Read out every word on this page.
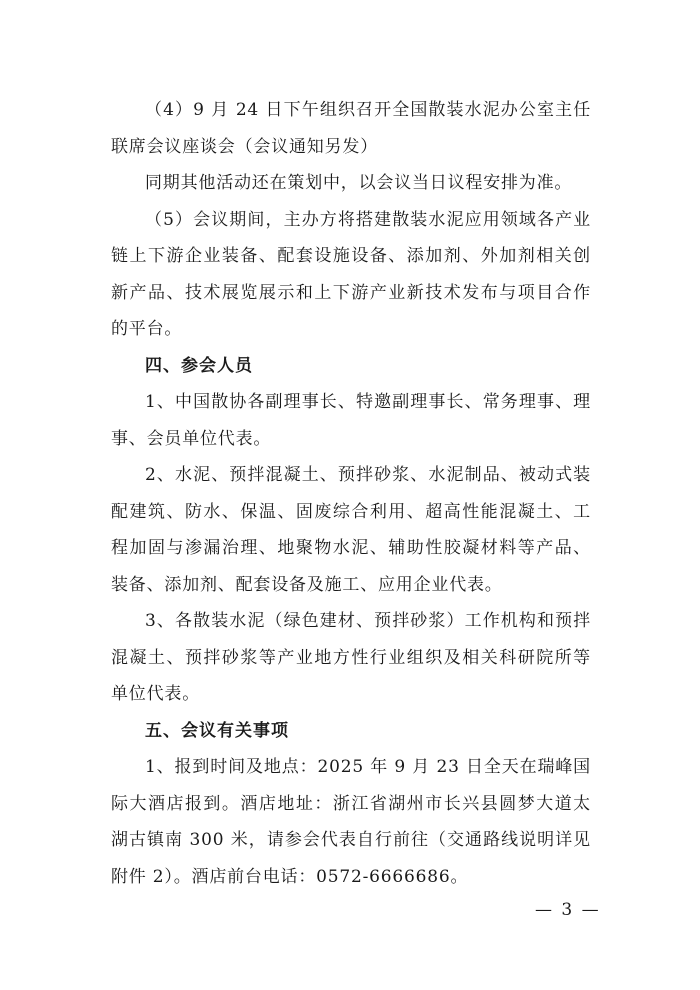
（4）9 月 24 日下午组织召开全国散装水泥办公室主任联席会议座谈会（会议通知另发）

同期其他活动还在策划中，以会议当日议程安排为准。

（5）会议期间，主办方将搭建散装水泥应用领域各产业链上下游企业装备、配套设施设备、添加剂、外加剂相关创新产品、技术展览展示和上下游产业新技术发布与项目合作的平台。

四、参会人员

1、中国散协各副理事长、特邀副理事长、常务理事、理事、会员单位代表。

2、水泥、预拌混凝土、预拌砂浆、水泥制品、被动式装配建筑、防水、保温、固废综合利用、超高性能混凝土、工程加固与渗漏治理、地聚物水泥、辅助性胶凝材料等产品、装备、添加剂、配套设备及施工、应用企业代表。

3、各散装水泥（绿色建材、预拌砂浆）工作机构和预拌混凝土、预拌砂浆等产业地方性行业组织及相关科研院所等单位代表。

五、会议有关事项

1、报到时间及地点：2025 年 9 月 23 日全天在瑞峰国际大酒店报到。酒店地址：浙江省湖州市长兴县圆梦大道太湖古镇南 300 米，请参会代表自行前往（交通路线说明详见附件 2）。酒店前台电话：0572-6666686。

— 3 —
